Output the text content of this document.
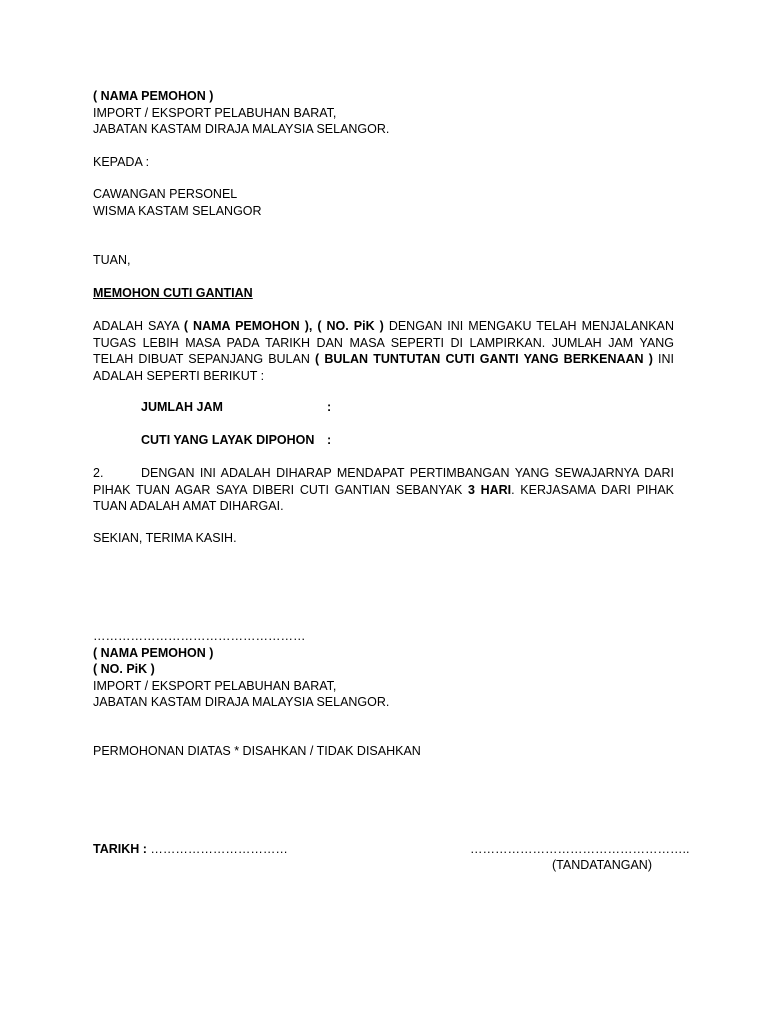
( NAMA PEMOHON )
IMPORT / EKSPORT PELABUHAN BARAT,
JABATAN KASTAM DIRAJA MALAYSIA SELANGOR.
KEPADA :
CAWANGAN PERSONEL
WISMA KASTAM SELANGOR
TUAN,
MEMOHON CUTI GANTIAN
ADALAH SAYA ( NAMA PEMOHON ), ( NO. PiK ) DENGAN INI MENGAKU TELAH MENJALANKAN TUGAS LEBIH MASA PADA TARIKH DAN MASA SEPERTI DI LAMPIRKAN. JUMLAH JAM YANG TELAH DIBUAT SEPANJANG BULAN ( BULAN TUNTUTAN CUTI GANTI YANG BERKENAAN ) INI ADALAH SEPERTI BERIKUT :
JUMLAH JAM	:
CUTI YANG LAYAK DIPOHON :
2.	DENGAN INI ADALAH DIHARAP MENDAPAT PERTIMBANGAN YANG SEWAJARNYA DARI PIHAK TUAN AGAR SAYA DIBERI CUTI GANTIAN SEBANYAK 3 HARI. KERJASAMA DARI PIHAK TUAN ADALAH AMAT DIHARGAI.
SEKIAN, TERIMA KASIH.
……………………………………………
( NAMA PEMOHON )
( NO. PiK )
IMPORT / EKSPORT PELABUHAN BARAT,
JABATAN KASTAM DIRAJA MALAYSIA SELANGOR.
PERMOHONAN DIATAS * DISAHKAN / TIDAK DISAHKAN
TARIKH : ……………………………	……………………………………………..
(TANDATANGAN)
